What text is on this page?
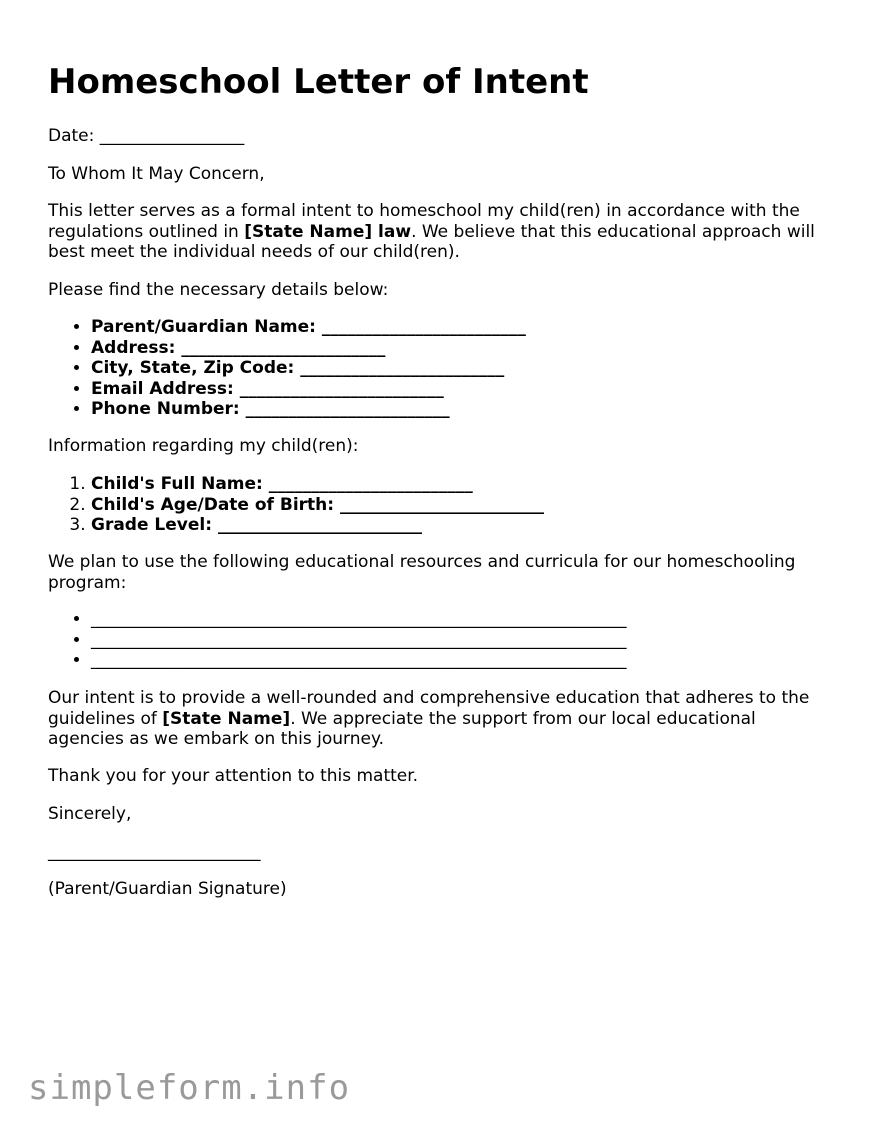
Homeschool Letter of Intent

Date: _________________

To Whom It May Concern,

This letter serves as a formal intent to homeschool my child(ren) in accordance with the
regulations outlined in [State Name] law. We believe that this educational approach will
best meet the individual needs of our child(ren).

Please find the necessary details below:

• Parent/Guardian Name: ________________________
• Address: ________________________
• City, State, Zip Code: ________________________
• Email Address: ________________________
• Phone Number: ________________________

Information regarding my child(ren):

1. Child's Full Name: ________________________
2. Child's Age/Date of Birth: ________________________
3. Grade Level: ________________________

We plan to use the following educational resources and curricula for our homeschooling
program:

• _______________________________________________________________
• _______________________________________________________________
• _______________________________________________________________

Our intent is to provide a well-rounded and comprehensive education that adheres to the
guidelines of [State Name]. We appreciate the support from our local educational
agencies as we embark on this journey.

Thank you for your attention to this matter.

Sincerely,

_________________________

(Parent/Guardian Signature)

simpleform.info
